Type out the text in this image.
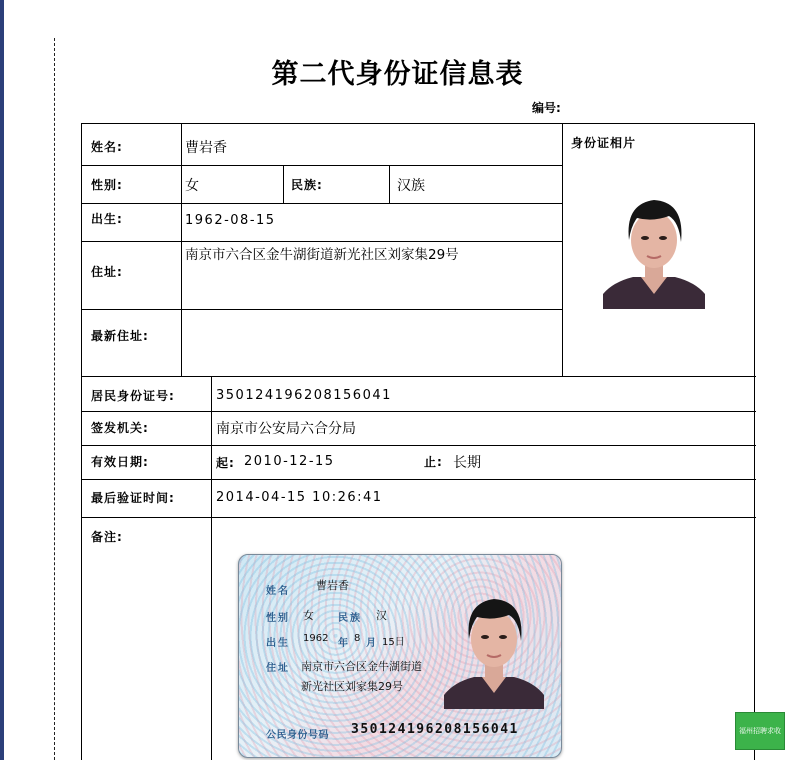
第二代身份证信息表
编号:
姓名:	曹岩香
性别:	女	民族:	汉族
出生:	1962-08-15
住址:
南京市六合区金牛湖街道新光社区刘家集29号
最新住址:
身份证相片
居民身份证号:	350124196208156041
签发机关:	南京市公安局六合分局
有效日期:	起: 2010-12-15	止: 长期
最后验证时间:	2014-04-15 10:26:41
备注:
姓名 曹岩香
性别 女 民族 汉
出生 1962 年 8 月 15日
住址 南京市六合区金牛湖街道
新光社区刘家集29号
公民身份号码 350124196208156041	福州招聘求收
